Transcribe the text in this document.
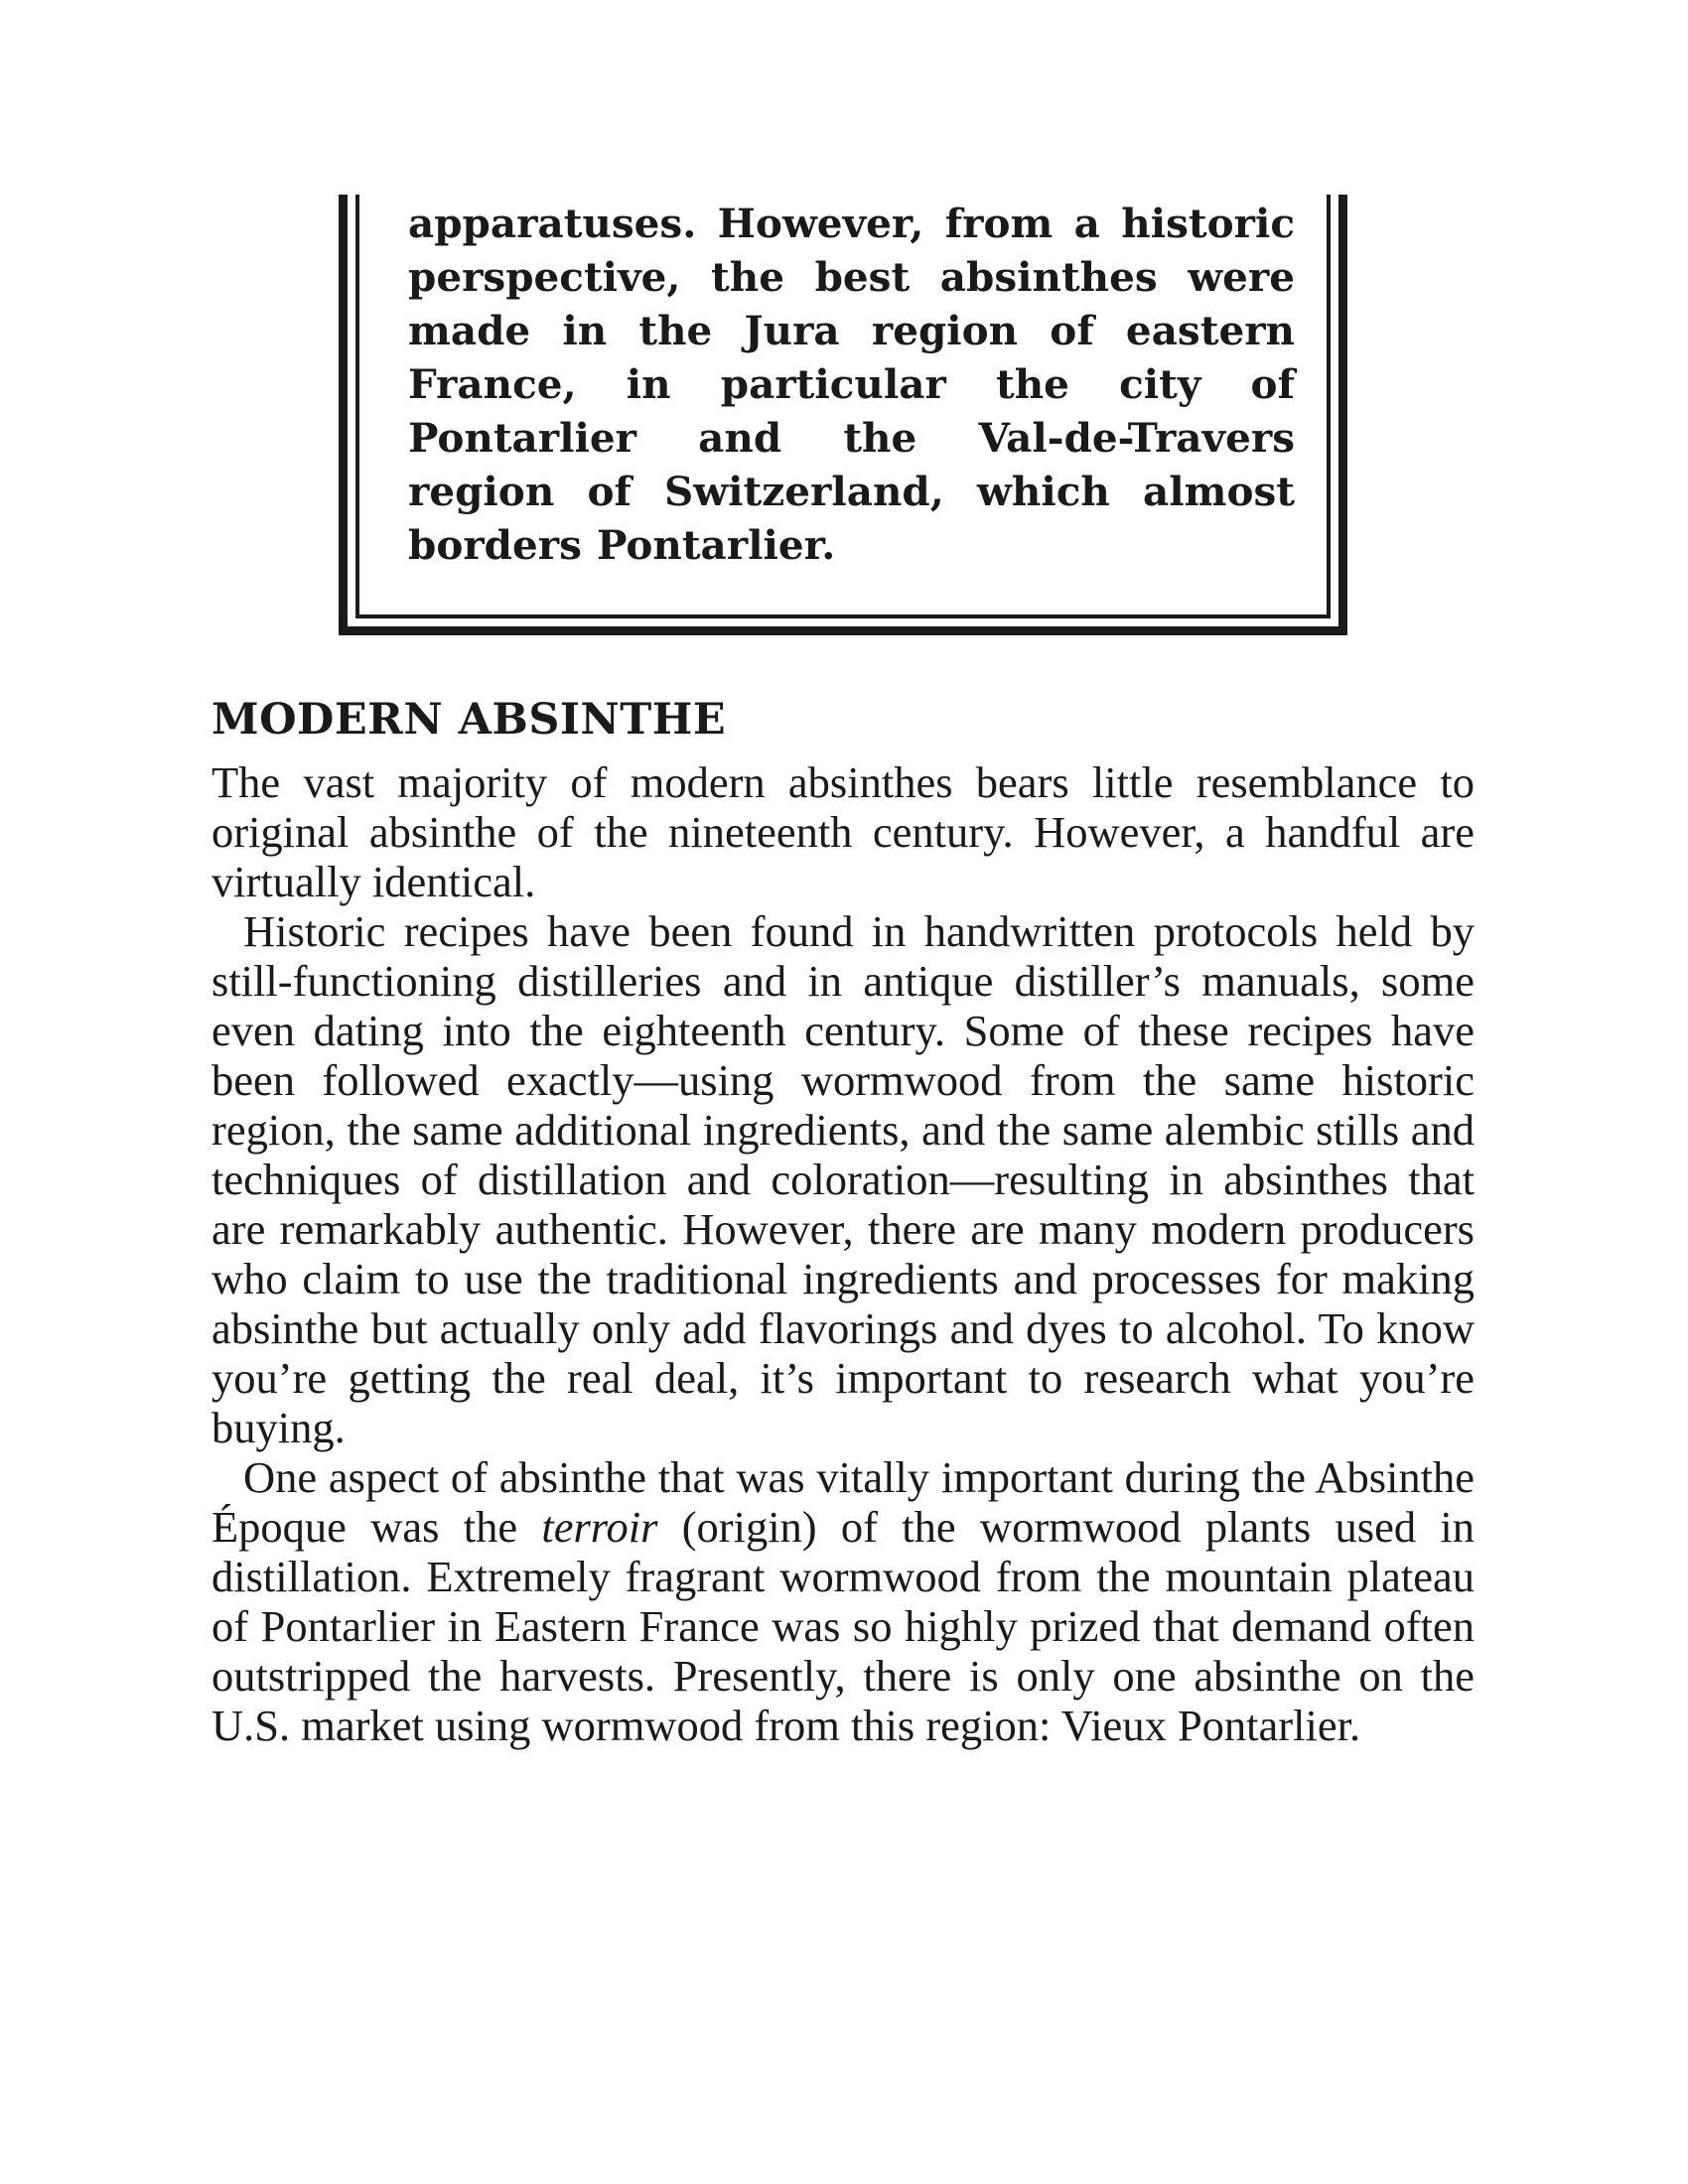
apparatuses. However, from a historic perspective, the best absinthes were made in the Jura region of eastern France, in particular the city of Pontarlier and the Val-de-Travers region of Switzerland, which almost borders Pontarlier.

MODERN ABSINTHE

The vast majority of modern absinthes bears little resemblance to original absinthe of the nineteenth century. However, a handful are virtually identical.

Historic recipes have been found in handwritten protocols held by still-functioning distilleries and in antique distiller’s manuals, some even dating into the eighteenth century. Some of these recipes have been followed exactly—using wormwood from the same historic region, the same additional ingredients, and the same alembic stills and techniques of distillation and coloration—resulting in absinthes that are remarkably authentic. However, there are many modern producers who claim to use the traditional ingredients and processes for making absinthe but actually only add flavorings and dyes to alcohol. To know you’re getting the real deal, it’s important to research what you’re buying.

One aspect of absinthe that was vitally important during the Absinthe Époque was the terroir (origin) of the wormwood plants used in distillation. Extremely fragrant wormwood from the mountain plateau of Pontarlier in Eastern France was so highly prized that demand often outstripped the harvests. Presently, there is only one absinthe on the U.S. market using wormwood from this region: Vieux Pontarlier.
